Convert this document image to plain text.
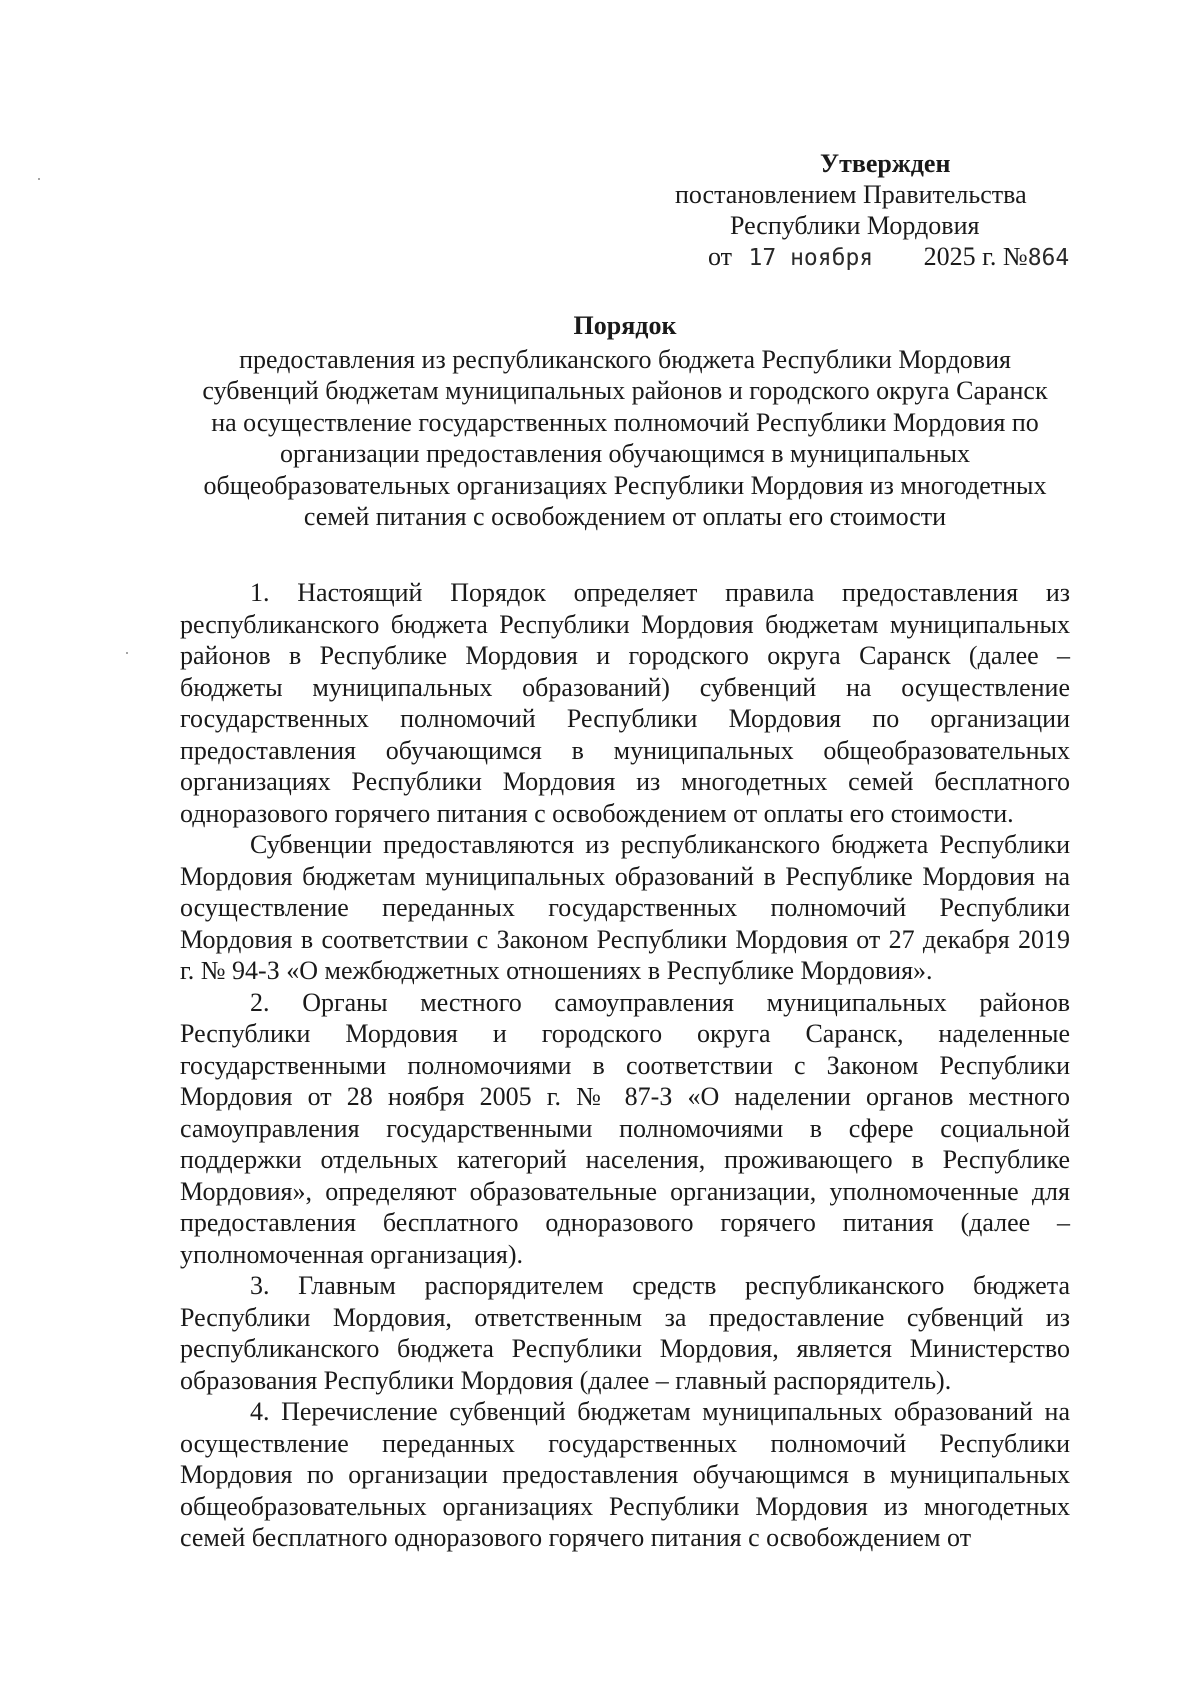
Утвержден
постановлением Правительства
Республики Мордовия
от 17 ноября 2025 г. №864
Порядок
предоставления из республиканского бюджета Республики Мордовия
субвенций бюджетам муниципальных районов и городского округа Саранск
на осуществление государственных полномочий Республики Мордовия по
организации предоставления обучающимся в муниципальных
общеобразовательных организациях Республики Мордовия из многодетных
семей питания с освобождением от оплаты его стоимости

1. Настоящий Порядок определяет правила предоставления из республиканского бюджета Республики Мордовия бюджетам муниципальных районов в Республике Мордовия и городского округа Саранск (далее – бюджеты муниципальных образований) субвенций на осуществление государственных полномочий Республики Мордовия по организации предоставления обучающимся в муниципальных общеобразовательных организациях Республики Мордовия из многодетных семей бесплатного одноразового горячего питания с освобождением от оплаты его стоимости.

Субвенции предоставляются из республиканского бюджета Республики Мордовия бюджетам муниципальных образований в Республике Мордовия на осуществление переданных государственных полномочий Республики Мордовия в соответствии с Законом Республики Мордовия от 27 декабря 2019 г. № 94-З «О межбюджетных отношениях в Республике Мордовия».

2. Органы местного самоуправления муниципальных районов Республики Мордовия и городского округа Саранск, наделенные государственными полномочиями в соответствии с Законом Республики Мордовия от 28 ноября 2005 г. № 87-З «О наделении органов местного самоуправления государственными полномочиями в сфере социальной поддержки отдельных категорий населения, проживающего в Республике Мордовия», определяют образовательные организации, уполномоченные для предоставления бесплатного одноразового горячего питания (далее – уполномоченная организация).

3. Главным распорядителем средств республиканского бюджета Республики Мордовия, ответственным за предоставление субвенций из республиканского бюджета Республики Мордовия, является Министерство образования Республики Мордовия (далее – главный распорядитель).

4. Перечисление субвенций бюджетам муниципальных образований на осуществление переданных государственных полномочий Республики Мордовия по организации предоставления обучающимся в муниципальных общеобразовательных организациях Республики Мордовия из многодетных семей бесплатного одноразового горячего питания с освобождением от
